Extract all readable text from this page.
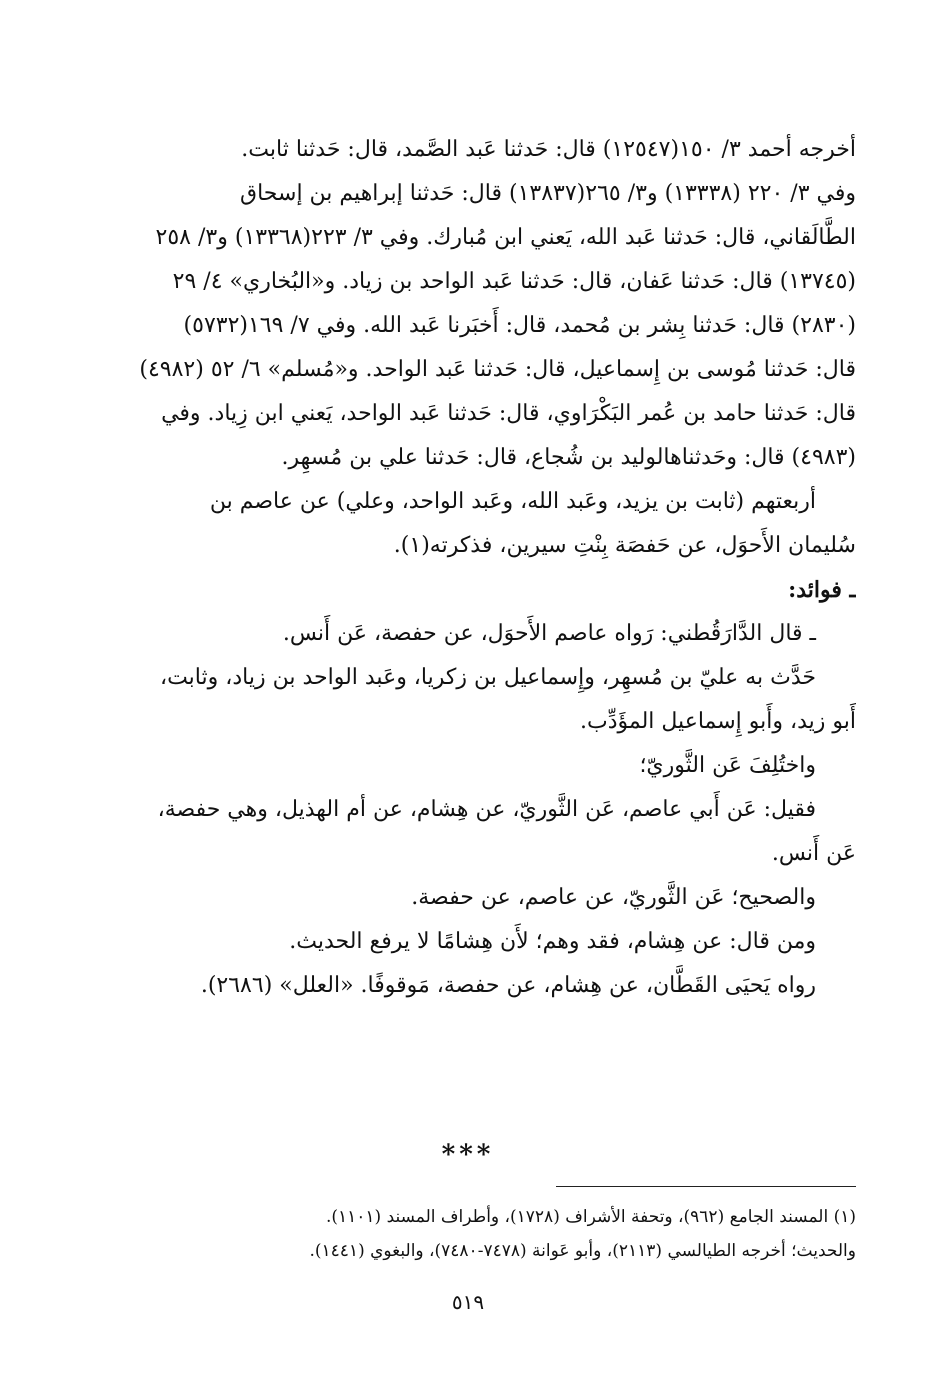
أخرجه أحمد ٣/ ١٥٠(١٢٥٤٧) قال: حَدثنا عَبد الصَّمد، قال: حَدثنا ثابت.

وفي ٣/ ٢٢٠ (١٣٣٣٨) و٣/ ٢٦٥(١٣٨٣٧) قال: حَدثنا إبراهيم بن إسحاق

الطَّالَقاني، قال: حَدثنا عَبد الله، يَعني ابن مُبارك. وفي ٣/ ٢٢٣(١٣٣٦٨) و٣/ ٢٥٨

(١٣٧٤٥) قال: حَدثنا عَفان، قال: حَدثنا عَبد الواحد بن زياد. و«البُخاري» ٤/ ٢٩

(٢٨٣٠) قال: حَدثنا بِشر بن مُحمد، قال: أَخبَرنا عَبد الله. وفي ٧/ ١٦٩(٥٧٣٢)

قال: حَدثنا مُوسى بن إِسماعيل، قال: حَدثنا عَبد الواحد. و«مُسلم» ٦/ ٥٢ (٤٩٨٢)

قال: حَدثنا حامد بن عُمر البَكْرَاوي، قال: حَدثنا عَبد الواحد، يَعني ابن زِياد. وفي

(٤٩٨٣) قال: وحَدثناهالوليد بن شُجاع، قال: حَدثنا علي بن مُسهِر.

أربعتهم (ثابت بن يزيد، وعَبد الله، وعَبد الواحد، وعلي) عن عاصم بن

سُليمان الأَحوَل، عن حَفصَة بِنْتِ سيرين، فذكرته(١).

ـ فوائد:

ـ قال الدَّارَقُطني: رَواه عاصم الأَحوَل، عن حفصة، عَن أَنس.

حَدَّث به عليّ بن مُسهِر، وإِسماعيل بن زكريا، وعَبد الواحد بن زياد، وثابت،

أَبو زيد، وأَبو إِسماعيل المؤَدِّب.

واختُلِفَ عَن الثَّوريّ؛

فقيل: عَن أَبي عاصم، عَن الثَّوريّ، عن هِشام، عن أم الهذيل، وهي حفصة،

عَن أَنس.

والصحيح؛ عَن الثَّوريّ، عن عاصم، عن حفصة.

ومن قال: عن هِشام، فقد وهم؛ لأَن هِشامًا لا يرفع الحديث.

رواه يَحيَى القَطَّان، عن هِشام، عن حفصة، مَوقوفًا. «العلل» (٢٦٨٦).

***

(١) المسند الجامع (٩٦٢)، وتحفة الأشراف (١٧٢٨)، وأطراف المسند (١١٠١).

والحديث؛ أخرجه الطيالسي (٢١١٣)، وأبو عَوانة (٧٤٧٨-٧٤٨٠)، والبغوي (١٤٤١).

٥١٩
